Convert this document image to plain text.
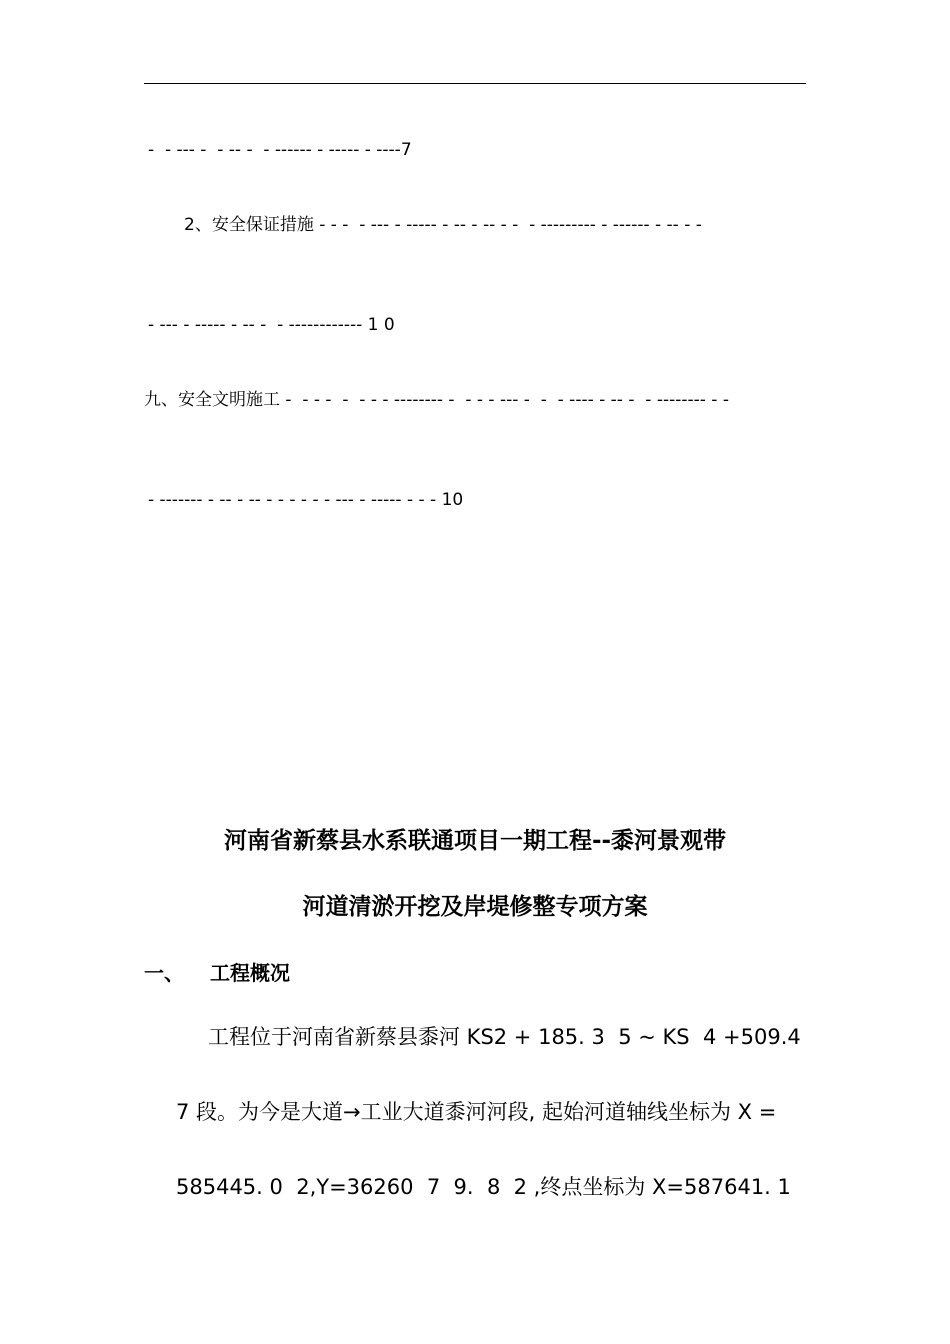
-  - --- -  - -- -  - ------ - ----- - ----7
2、安全保证措施 - - -  - --- - ----- - -- - -- - -  - --------- - ------ - -- - -
- --- - ----- - -- -  - ------------ 1 0
九、安全文明施工 -  - - -  -  - - - -------- -  - - - --- -  -  - ---- - -- -  - -------- - -
- ------- - -- - -- - - - - - - --- - ----- - - - 10
河南省新蔡县水系联通项目一期工程--黍河景观带
河道清淤开挖及岸堤修整专项方案
一、 工程概况
工程位于河南省新蔡县黍河 KS2 + 185. 3  5 ~ KS  4 +509.4
7 段。为今是大道→工业大道黍河河段, 起始河道轴线坐标为 X =
585445. 0  2,Y=36260  7  9.  8  2 ,终点坐标为 X=587641. 1
